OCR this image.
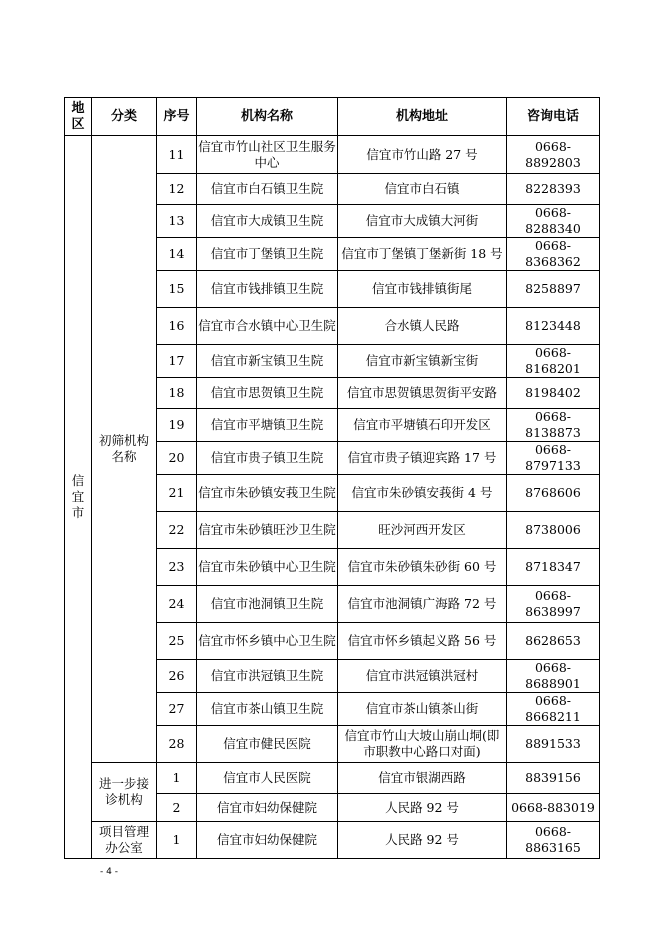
地区	分类	序号	机构名称	机构地址	咨询电话
信
宜
市	初筛机构名称	11	信宜市竹山社区卫生服务中心	信宜市竹山路 27 号	0668-8892803
		12	信宜市白石镇卫生院	信宜市白石镇	8228393
		13	信宜市大成镇卫生院	信宜市大成镇大河街	0668-8288340
		14	信宜市丁堡镇卫生院	信宜市丁堡镇丁堡新街 18 号	0668-8368362
		15	信宜市钱排镇卫生院	信宜市钱排镇街尾	8258897
		16	信宜市合水镇中心卫生院	合水镇人民路	8123448
		17	信宜市新宝镇卫生院	信宜市新宝镇新宝街	0668-8168201
		18	信宜市思贺镇卫生院	信宜市思贺镇思贺街平安路	8198402
		19	信宜市平塘镇卫生院	信宜市平塘镇石印开发区	0668-8138873
		20	信宜市贵子镇卫生院	信宜市贵子镇迎宾路 17 号	0668-8797133
		21	信宜市朱砂镇安莪卫生院	信宜市朱砂镇安莪街 4 号	8768606
		22	信宜市朱砂镇旺沙卫生院	旺沙河西开发区	8738006
		23	信宜市朱砂镇中心卫生院	信宜市朱砂镇朱砂街 60 号	8718347
		24	信宜市池洞镇卫生院	信宜市池洞镇广海路 72 号	0668-8638997
		25	信宜市怀乡镇中心卫生院	信宜市怀乡镇起义路 56 号	8628653
		26	信宜市洪冠镇卫生院	信宜市洪冠镇洪冠村	0668-8688901
		27	信宜市茶山镇卫生院	信宜市茶山镇茶山街	0668-8668211
		28	信宜市健民医院	信宜市竹山大坡山崩山垌(即市职教中心路口对面)	8891533
	进一步接诊机构	1	信宜市人民医院	信宜市银湖西路	8839156
		2	信宜市妇幼保健院	人民路 92 号	0668-883019
	项目管理办公室	1	信宜市妇幼保健院	人民路 92 号	0668-8863165
- 4 -
